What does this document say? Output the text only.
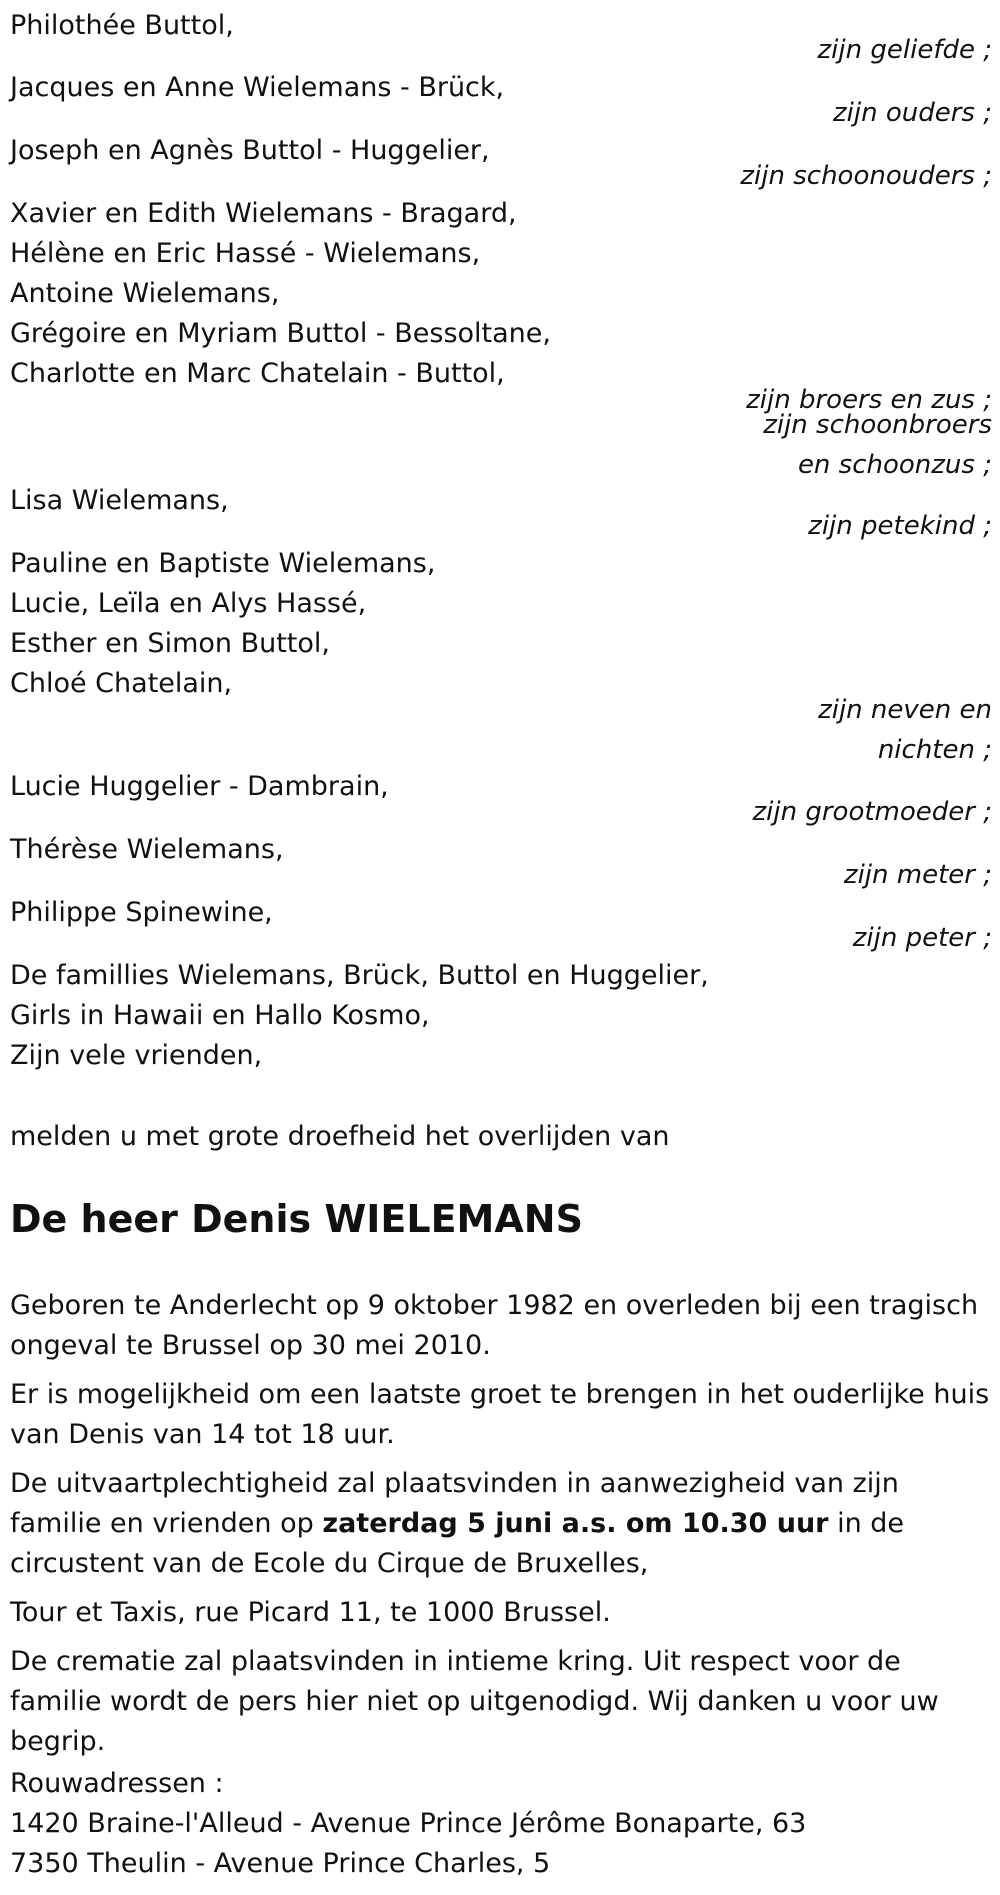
Philothée Buttol,
zijn geliefde ;
Jacques en Anne Wielemans - Brück,
zijn ouders ;
Joseph en Agnès Buttol - Huggelier,
zijn schoonouders ;
Xavier en Edith Wielemans - Bragard,
Hélène en Eric Hassé - Wielemans,
Antoine Wielemans,
Grégoire en Myriam Buttol - Bessoltane,
Charlotte en Marc Chatelain - Buttol,
zijn broers en zus ;
zijn schoonbroers
en schoonzus ;
Lisa Wielemans,
zijn petekind ;
Pauline en Baptiste Wielemans,
Lucie, Leïla en Alys Hassé,
Esther en Simon Buttol,
Chloé Chatelain,
zijn neven en
nichten ;
Lucie Huggelier - Dambrain,
zijn grootmoeder ;
Thérèse Wielemans,
zijn meter ;
Philippe Spinewine,
zijn peter ;
De famillies Wielemans, Brück, Buttol en Huggelier,
Girls in Hawaii en Hallo Kosmo,
Zijn vele vrienden,
melden u met grote droefheid het overlijden van
De heer Denis WIELEMANS
Geboren te Anderlecht op 9 oktober 1982 en overleden bij een tragisch ongeval te Brussel op 30 mei 2010.
Er is mogelijkheid om een laatste groet te brengen in het ouderlijke huis van Denis van 14 tot 18 uur.
De uitvaartplechtigheid zal plaatsvinden in aanwezigheid van zijn familie en vrienden op zaterdag 5 juni a.s. om 10.30 uur in de circustent van de Ecole du Cirque de Bruxelles,
Tour et Taxis, rue Picard 11, te 1000 Brussel.
De crematie zal plaatsvinden in intieme kring. Uit respect voor de familie wordt de pers hier niet op uitgenodigd. Wij danken u voor uw begrip.
Rouwadressen :
1420 Braine-l'Alleud - Avenue Prince Jérôme Bonaparte, 63
7350 Theulin - Avenue Prince Charles, 5
